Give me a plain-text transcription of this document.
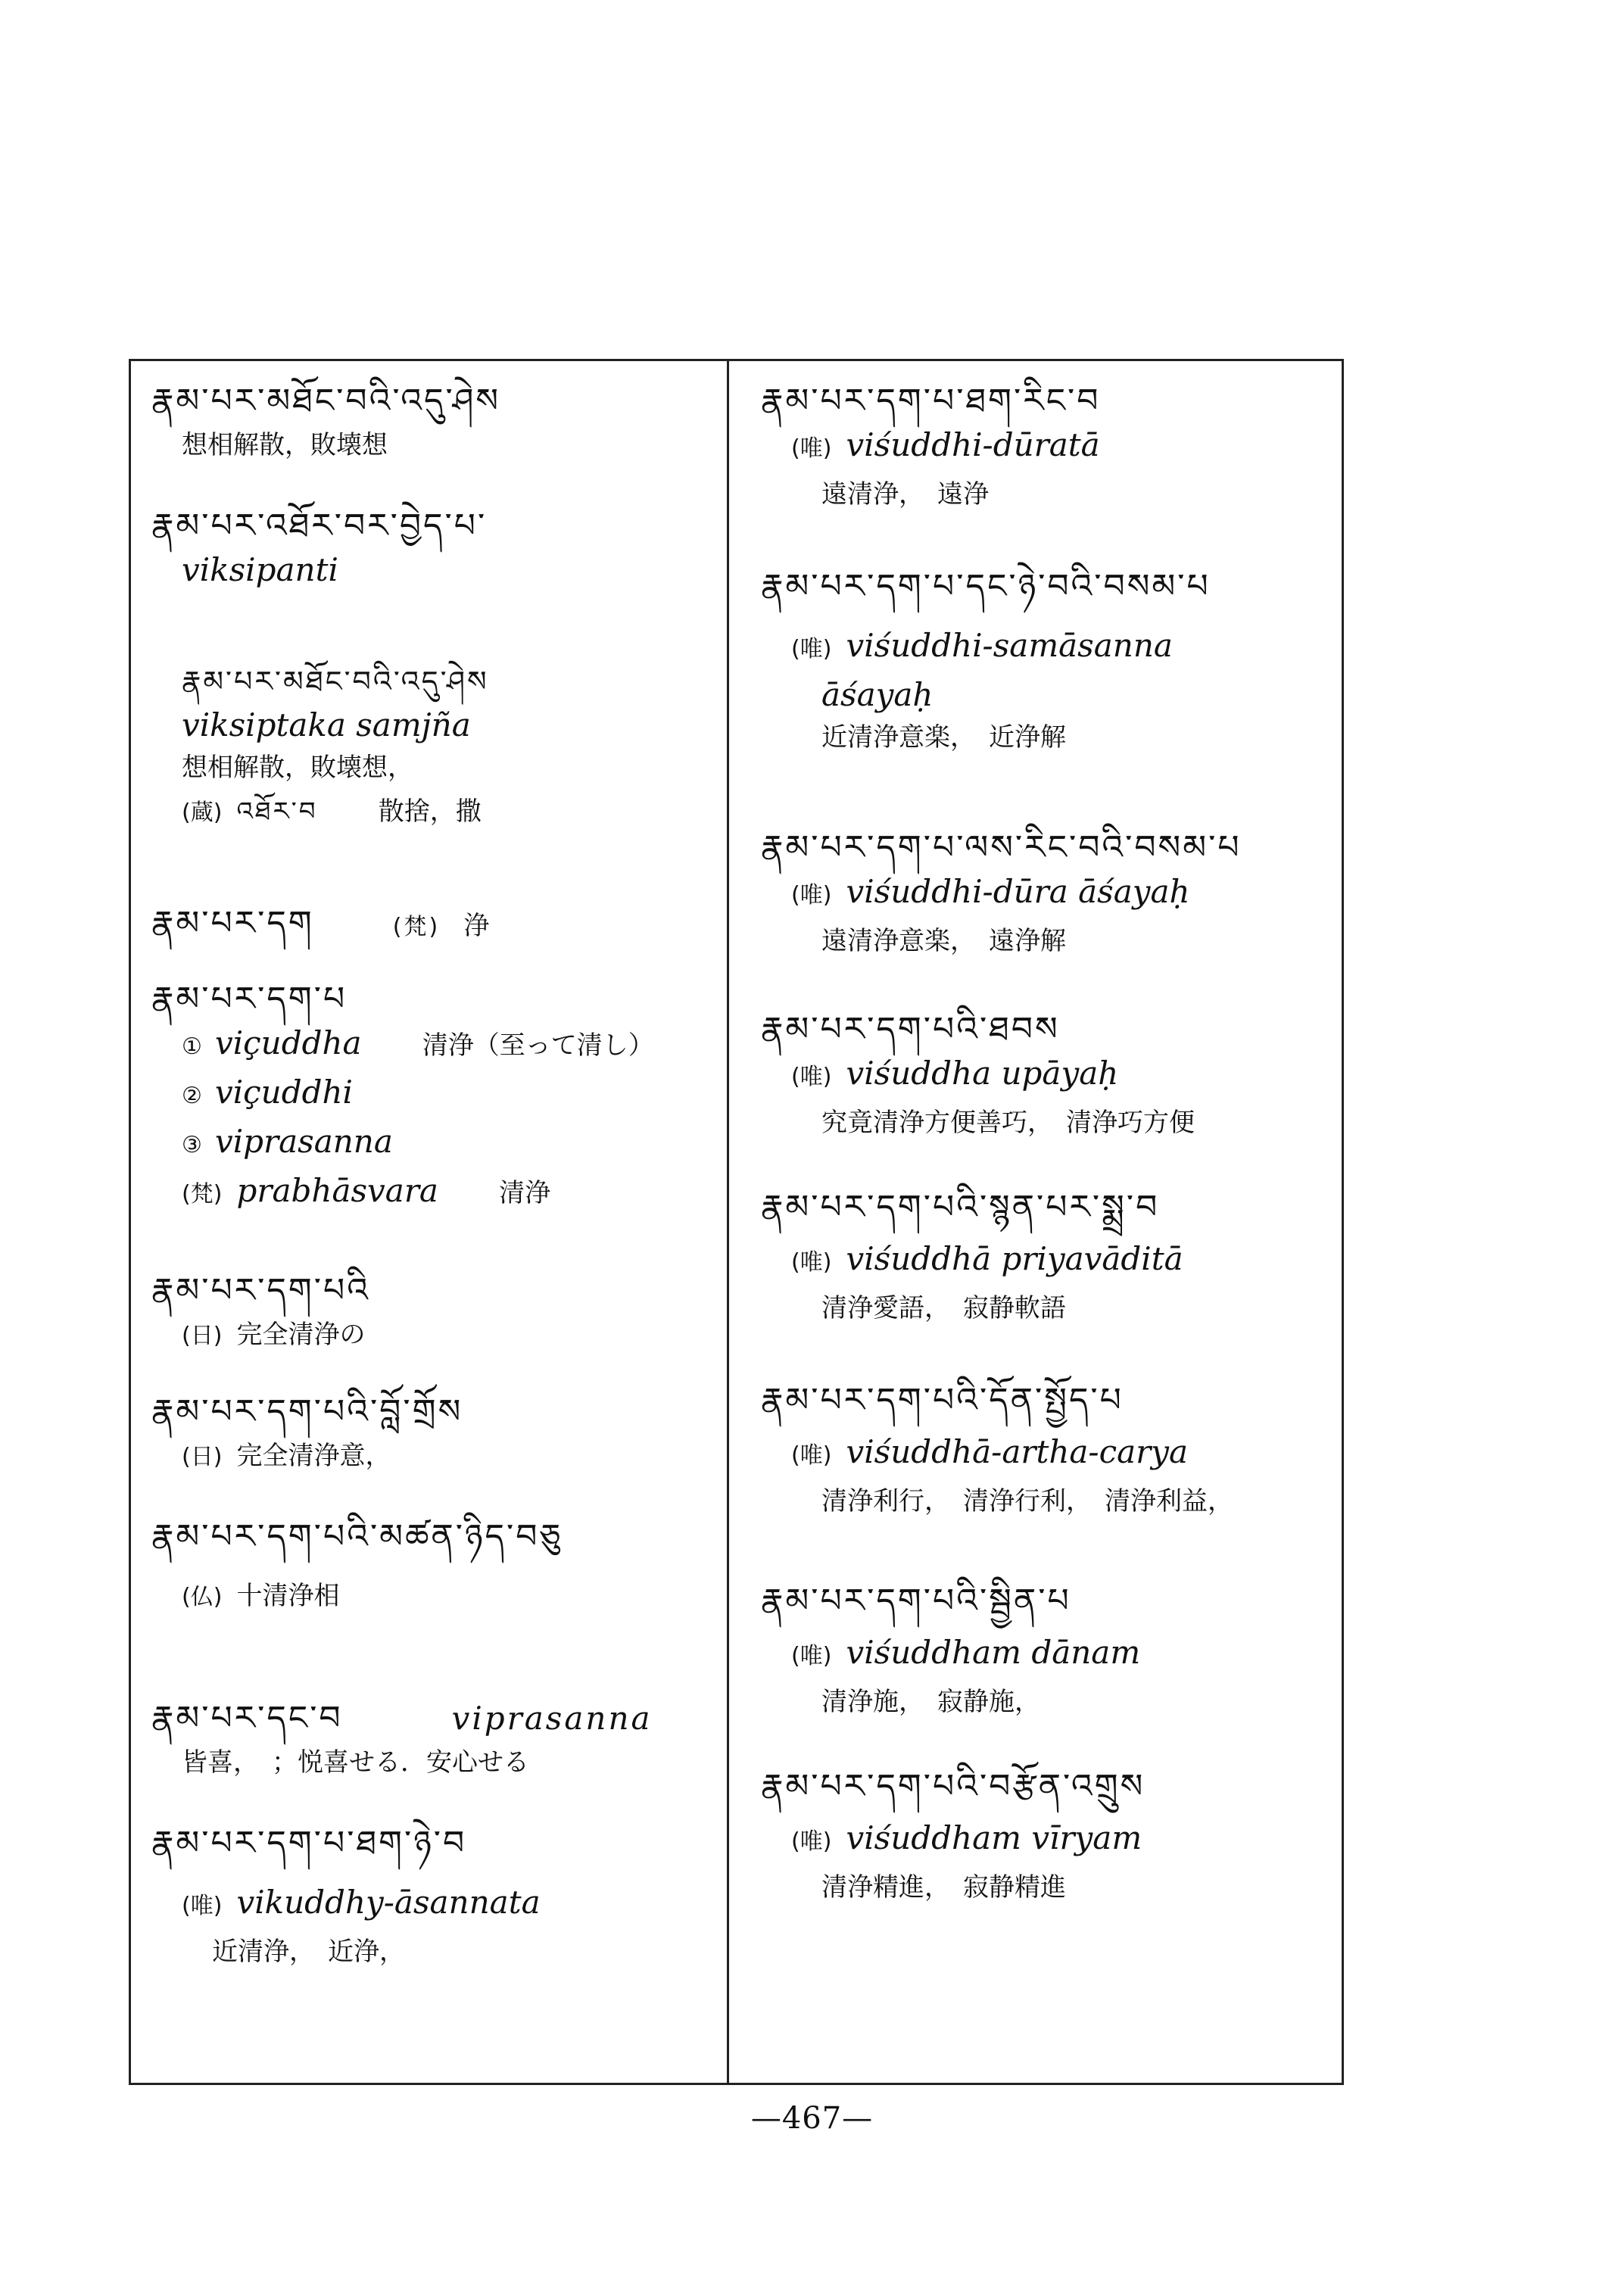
རྣམ་པར་མཐོང་བའི་འདུ་ཤེས
想相解散，敗壊想
རྣམ་པར་འཐོར་བར་བྱེད་པ་
viksipanti
རྣམ་པར་མཐོང་བའི་འདུ་ཤེས
viksiptaka samjña
想相解散，敗壊想，
(蔵) འཐོར་བ 散捨，撒
རྣམ་པར་དག	(梵) 浄
རྣམ་པར་དག་པ
① viçuddha 清浄（至って清し）
② viçuddhi
③ viprasanna
(梵) prabhāsvara 清浄
རྣམ་པར་དག་པའི
(日) 完全清浄の
རྣམ་པར་དག་པའི་བློ་གྲོས
(日) 完全清浄意，
རྣམ་པར་དག་པའི་མཚན་ཉིད་བཅུ
(仏) 十清浄相
རྣམ་པར་དང་བ	viprasanna
皆喜，　；悦喜せる．安心せる
རྣམ་པར་དག་པ་ཐག་ཉེ་བ
(唯) vikuddhy-āsannata
近清浄，　近浄，
རྣམ་པར་དག་པ་ཐག་རིང་བ
(唯) viśuddhi-dūratā
遠清浄，　遠浄
རྣམ་པར་དག་པ་དང་ཉེ་བའི་བསམ་པ
(唯) viśuddhi-samāsanna
āśayaḥ
近清浄意楽，　近浄解
རྣམ་པར་དག་པ་ལས་རིང་བའི་བསམ་པ
(唯) viśuddhi-dūra āśayaḥ
遠清浄意楽，　遠浄解
རྣམ་པར་དག་པའི་ཐབས
(唯) viśuddha upāyaḥ
究竟清浄方便善巧，　清浄巧方便
རྣམ་པར་དག་པའི་སྙན་པར་སྨྲ་བ
(唯) viśuddhā priyavāditā
清浄愛語，　寂静軟語
རྣམ་པར་དག་པའི་དོན་སྤྱོད་པ
(唯) viśuddhā-artha-carya
清浄利行，　清浄行利，　清浄利益，
རྣམ་པར་དག་པའི་སྦྱིན་པ
(唯) viśuddham dānam
清浄施，　寂静施，
རྣམ་པར་དག་པའི་བརྩོན་འགྲུས
(唯) viśuddham vīryam
清浄精進，　寂静精進
—467—
